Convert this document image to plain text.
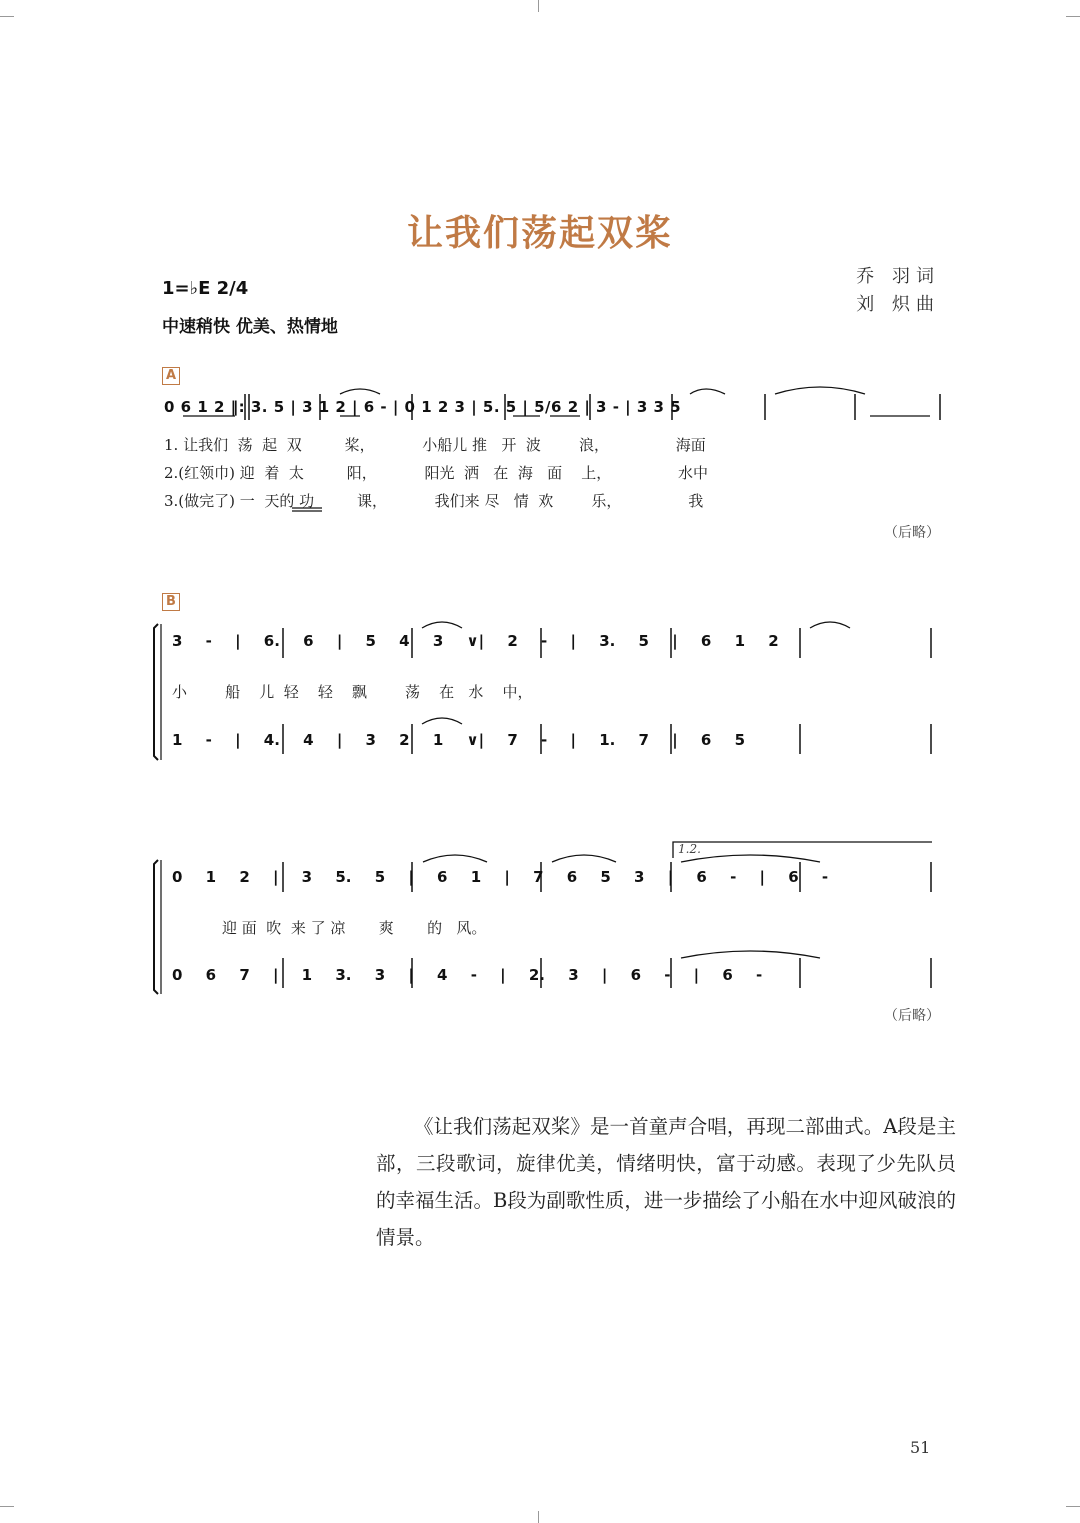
让我们荡起双桨
1=♭E 2/4
中速稍快 优美、热情地
乔 羽词
刘 炽曲
A
0 6 1 2 ‖: 3. 5 | 3 1 2 | 6 - | 0 1 2 3 | 5. 5 | 5/6 2 | 3 - | 3 3 5
1. 让我们  荡  起  双         桨，          小船儿 推   开  波        浪，              海面
2.(红领巾) 迎  着  太         阳，          阳光  洒   在  海   面    上，              水中
3.(做完了) 一  天的 功         课，          我们来 尽   情  欢        乐，              我
（后略）
B
3 - | 6. 6 | 5 4 3 ∨| 2 - | 3. 5 | 6 1 2
小        船    儿  轻    轻    飘        荡    在   水    中，
1 - | 4. 4 | 3 2 1 ∨| 7 - | 1. 7 | 6 5
1.2.
0 1 2 | 3 5. 5 | 6 1 | 7 6 5 3 | 6 - | 6 -
迎 面  吹  来 了 凉       爽       的   风。
0 6 7 | 1 3. 3 | 4 - | 2. 3 | 6 - | 6 -
（后略）
《让我们荡起双桨》是一首童声合唱，再现二部曲式。A段是主部，三段歌词，旋律优美，情绪明快，富于动感。表现了少先队员的幸福生活。B段为副歌性质，进一步描绘了小船在水中迎风破浪的情景。
51
